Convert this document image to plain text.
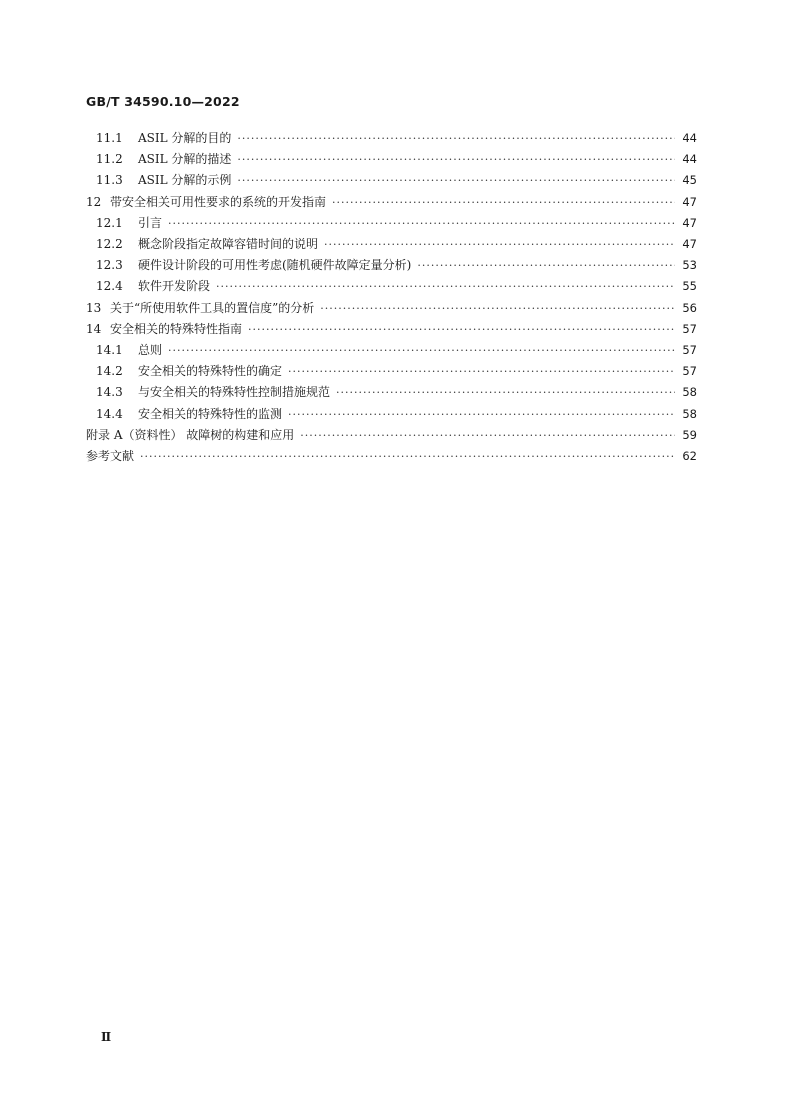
GB/T 34590.10—2022
11.1	ASIL 分解的目的 ·····	44
11.2	ASIL 分解的描述 ·····	44
11.3	ASIL 分解的示例 ·····	45
12 带安全相关可用性要求的系统的开发指南 ·····	47
12.1	引言 ·····	47
12.2	概念阶段指定故障容错时间的说明 ·····	47
12.3	硬件设计阶段的可用性考虑(随机硬件故障定量分析) ·····	53
12.4	软件开发阶段 ·····	55
13 关于“所使用软件工具的置信度”的分析 ·····	56
14 安全相关的特殊特性指南 ·····	57
14.1	总则 ·····	57
14.2	安全相关的特殊特性的确定 ·····	57
14.3	与安全相关的特殊特性控制措施规范 ·····	58
14.4	安全相关的特殊特性的监测 ·····	58
附录 A（资料性） 故障树的构建和应用 ·····	59
参考文献 ·····	62
Ⅱ
